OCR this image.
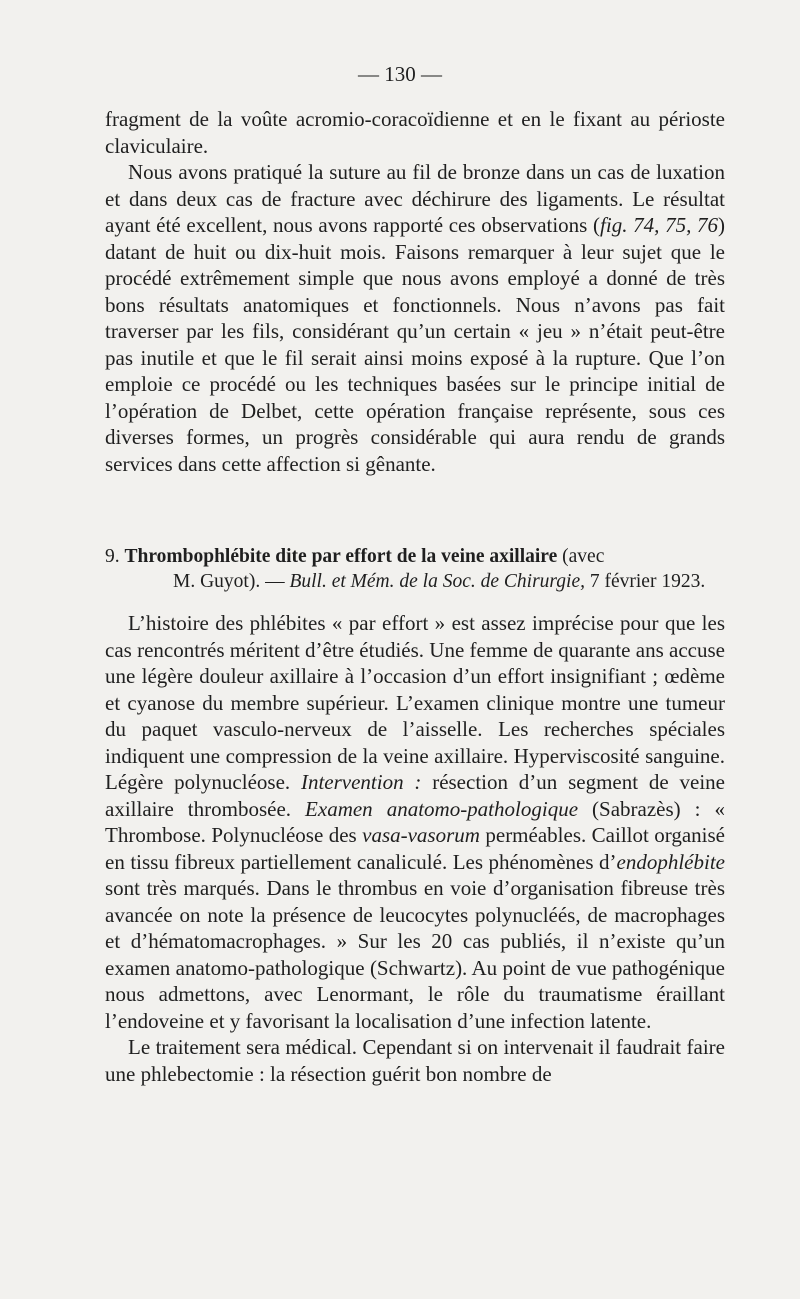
— 130 —

fragment de la voûte acromio-coracoïdienne et en le fixant au périoste claviculaire.

Nous avons pratiqué la suture au fil de bronze dans un cas de luxation et dans deux cas de fracture avec déchirure des ligaments. Le résultat ayant été excellent, nous avons rapporté ces observations (fig. 74, 75, 76) datant de huit ou dix-huit mois. Faisons remarquer à leur sujet que le procédé extrêmement simple que nous avons employé a donné de très bons résultats anatomiques et fonctionnels. Nous n’avons pas fait traverser par les fils, considérant qu’un certain « jeu » n’était peut-être pas inutile et que le fil serait ainsi moins exposé à la rupture. Que l’on emploie ce procédé ou les techniques basées sur le principe initial de l’opération de Delbet, cette opération française représente, sous ces diverses formes, un progrès considérable qui aura rendu de grands services dans cette affection si gênante.

9. Thrombophlébite dite par effort de la veine axillaire (avec

M. Guyot). — Bull. et Mém. de la Soc. de Chirurgie, 7 février 1923.

L’histoire des phlébites « par effort » est assez imprécise pour que les cas rencontrés méritent d’être étudiés. Une femme de quarante ans accuse une légère douleur axillaire à l’occasion d’un effort insignifiant ; œdème et cyanose du membre supérieur. L’examen clinique montre une tumeur du paquet vasculo-nerveux de l’aisselle. Les recherches spéciales indiquent une compression de la veine axillaire. Hyperviscosité sanguine. Légère polynucléose. Intervention : résection d’un segment de veine axillaire thrombosée. Examen anatomo-pathologique (Sabrazès) : « Thrombose. Polynucléose des vasa-vasorum perméables. Caillot organisé en tissu fibreux partiellement canaliculé. Les phénomènes d’endophlébite sont très marqués. Dans le thrombus en voie d’organisation fibreuse très avancée on note la présence de leucocytes polynucléés, de macrophages et d’hématomacrophages. » Sur les 20 cas publiés, il n’existe qu’un examen anatomo-pathologique (Schwartz). Au point de vue pathogénique nous admettons, avec Lenormant, le rôle du traumatisme éraillant l’endoveine et y favorisant la localisation d’une infection latente.

Le traitement sera médical. Cependant si on intervenait il faudrait faire une phlebectomie : la résection guérit bon nombre de
